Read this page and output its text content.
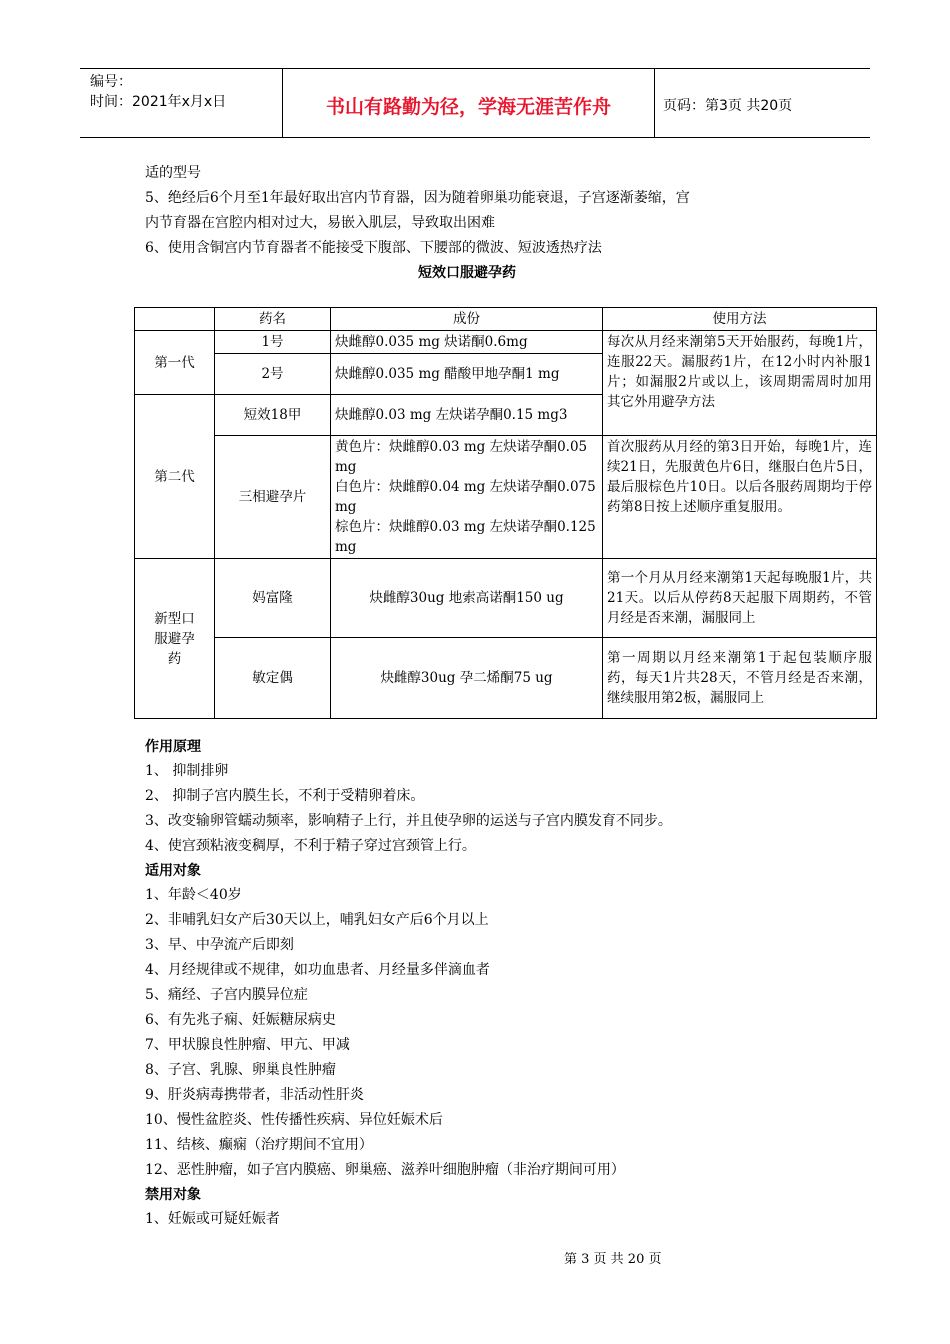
编号：
时间：2021年x月x日	书山有路勤为径，学海无涯苦作舟	页码：第3页 共20页
适的型号
5、绝经后6个月至1年最好取出宫内节育器，因为随着卵巢功能衰退，子宫逐渐萎缩，宫
内节育器在宫腔内相对过大，易嵌入肌层，导致取出困难
6、使用含铜宫内节育器者不能接受下腹部、下腰部的微波、短波透热疗法
短效口服避孕药
	药名	成份	使用方法
第一代	1号	炔雌醇0.035 mg 炔诺酮0.6mg	每次从月经来潮第5天开始服药，每晚1片，连服22天。漏服药1片，在12小时内补服1片；如漏服2片或以上，该周期需周时加用其它外用避孕方法
	2号	炔雌醇0.035 mg 醋酸甲地孕酮1 mg	
第二代	短效18甲	炔雌醇0.03 mg 左炔诺孕酮0.15 mg3	
	三相避孕片	黄色片：炔雌醇0.03 mg 左炔诺孕酮0.05 mg
白色片：炔雌醇0.04 mg 左炔诺孕酮0.075 mg
棕色片：炔雌醇0.03 mg 左炔诺孕酮0.125 mg	首次服药从月经的第3日开始，每晚1片，连续21日，先服黄色片6日，继服白色片5日，最后服棕色片10日。以后各服药周期均于停药第8日按上述顺序重复服用。
新型口服避孕药	妈富隆	炔雌醇30ug 地索高诺酮150 ug	第一个月从月经来潮第1天起每晚服1片，共21天。以后从停药8天起服下周期药，不管月经是否来潮，漏服同上
	敏定偶	炔雌醇30ug 孕二烯酮75 ug	第一周期以月经来潮第1于起包装顺序服药，每天1片共28天，不管月经是否来潮，继续服用第2板，漏服同上
作用原理
1、 抑制排卵
2、 抑制子宫内膜生长，不利于受精卵着床。
3、改变输卵管蠕动频率，影响精子上行，并且使孕卵的运送与子宫内膜发育不同步。
4、使宫颈粘液变稠厚，不利于精子穿过宫颈管上行。
适用对象
1、年龄＜40岁
2、非哺乳妇女产后30天以上，哺乳妇女产后6个月以上
3、早、中孕流产后即刻
4、月经规律或不规律，如功血患者、月经量多伴滴血者
5、痛经、子宫内膜异位症
6、有先兆子痫、妊娠糖尿病史
7、甲状腺良性肿瘤、甲亢、甲减
8、子宫、乳腺、卵巢良性肿瘤
9、肝炎病毒携带者，非活动性肝炎
10、慢性盆腔炎、性传播性疾病、异位妊娠术后
11、结核、癫痫（治疗期间不宜用）
12、恶性肿瘤，如子宫内膜癌、卵巢癌、滋养叶细胞肿瘤（非治疗期间可用）
禁用对象
1、妊娠或可疑妊娠者
第 3 页 共 20 页
